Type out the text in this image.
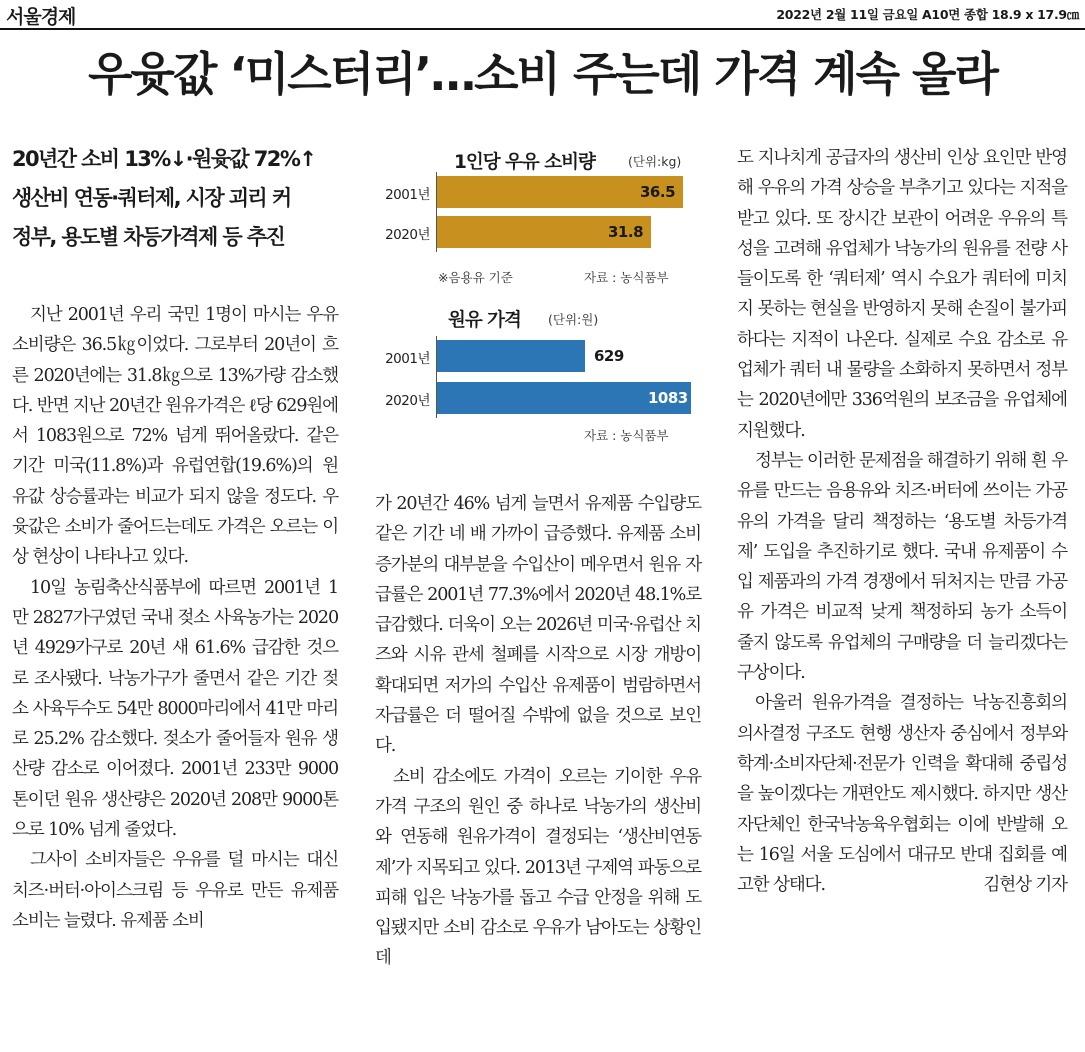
서울경제	2022년 2월 11일 금요일 A10면 종합 18.9 x 17.9㎝
우윳값 ‘미스터리’…소비 주는데 가격 계속 올라
20년간 소비 13%↓·원윳값 72%↑
생산비 연동·쿼터제, 시장 괴리 커
정부, 용도별 차등가격제 등 추진
1인당 우유 소비량	(단위:kg)
※음용유 기준	자료 : 농식품부
2001년	36.5
2020년	31.8
원유 가격 (단위:원)
자료 : 농식품부
2001년	629
2020년	1083

지난 2001년 우리 국민 1명이 마시는 우유 소비량은 36.5㎏이었다. 그로부터 20년이 흐른 2020년에는 31.8㎏으로 13%가량 감소했다. 반면 지난 20년간 원유가격은 ℓ당 629원에서 1083원으로 72% 넘게 뛰어올랐다. 같은 기간 미국(11.8%)과 유럽연합(19.6%)의 원유값 상승률과는 비교가 되지 않을 정도다. 우윳값은 소비가 줄어드는데도 가격은 오르는 이상 현상이 나타나고 있다.

10일 농림축산식품부에 따르면 2001년 1만 2827가구였던 국내 젖소 사육농가는 2020년 4929가구로 20년 새 61.6% 급감한 것으로 조사됐다. 낙농가구가 줄면서 같은 기간 젖소 사육두수도 54만 8000마리에서 41만 마리로 25.2% 감소했다. 젖소가 줄어들자 원유 생산량 감소로 이어졌다. 2001년 233만 9000톤이던 원유 생산량은 2020년 208만 9000톤으로 10% 넘게 줄었다.

그사이 소비자들은 우유를 덜 마시는 대신 치즈·버터·아이스크림 등 우유로 만든 유제품 소비는 늘렸다. 유제품 소비

가 20년간 46% 넘게 늘면서 유제품 수입량도 같은 기간 네 배 가까이 급증했다. 유제품 소비 증가분의 대부분을 수입산이 메우면서 원유 자급률은 2001년 77.3%에서 2020년 48.1%로 급감했다. 더욱이 오는 2026년 미국·유럽산 치즈와 시유 관세 철폐를 시작으로 시장 개방이 확대되면 저가의 수입산 유제품이 범람하면서 자급률은 더 떨어질 수밖에 없을 것으로 보인다.

소비 감소에도 가격이 오르는 기이한 우유 가격 구조의 원인 중 하나로 낙농가의 생산비와 연동해 원유가격이 결정되는 ‘생산비연동제’가 지목되고 있다. 2013년 구제역 파동으로 피해 입은 낙농가를 돕고 수급 안정을 위해 도입됐지만 소비 감소로 우유가 남아도는 상황인데

도 지나치게 공급자의 생산비 인상 요인만 반영해 우유의 가격 상승을 부추기고 있다는 지적을 받고 있다. 또 장시간 보관이 어려운 우유의 특성을 고려해 유업체가 낙농가의 원유를 전량 사들이도록 한 ‘쿼터제’ 역시 수요가 쿼터에 미치지 못하는 현실을 반영하지 못해 손질이 불가피하다는 지적이 나온다. 실제로 수요 감소로 유업체가 쿼터 내 물량을 소화하지 못하면서 정부는 2020년에만 336억원의 보조금을 유업체에 지원했다.

정부는 이러한 문제점을 해결하기 위해 흰 우유를 만드는 음용유와 치즈·버터에 쓰이는 가공유의 가격을 달리 책정하는 ‘용도별 차등가격제’ 도입을 추진하기로 했다. 국내 유제품이 수입 제품과의 가격 경쟁에서 뒤처지는 만큼 가공유 가격은 비교적 낮게 책정하되 농가 소득이 줄지 않도록 유업체의 구매량을 더 늘리겠다는 구상이다.

아울러 원유가격을 결정하는 낙농진흥회의 의사결정 구조도 현행 생산자 중심에서 정부와 학계·소비자단체·전문가 인력을 확대해 중립성을 높이겠다는 개편안도 제시했다. 하지만 생산자단체인 한국낙농육우협회는 이에 반발해 오는 16일 서울 도심에서 대규모 반대 집회를 예고한 상태다.	김현상 기자
